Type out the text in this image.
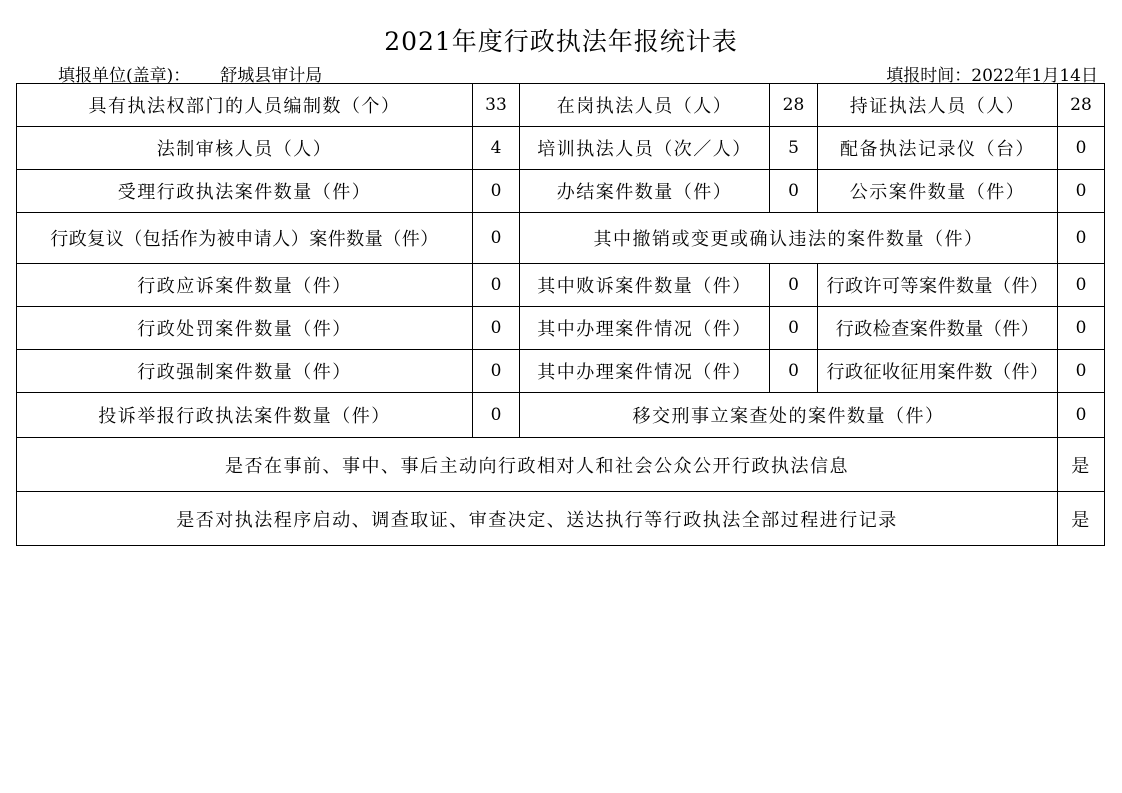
2021年度行政执法年报统计表
填报单位(盖章)： 舒城县审计局	填报时间：2022年1月14日
具有执法权部门的人员编制数（个）	33	在岗执法人员（人）	28	持证执法人员（人）	28
法制审核人员（人）	4	培训执法人员（次／人）	5	配备执法记录仪（台）	0
受理行政执法案件数量（件）	0	办结案件数量（件）	0	公示案件数量（件）	0
行政复议（包括作为被申请人）案件数量（件）	0	其中撤销或变更或确认违法的案件数量（件）			0
行政应诉案件数量（件）	0	其中败诉案件数量（件）	0	行政许可等案件数量（件）	0
行政处罚案件数量（件）	0	其中办理案件情况（件）	0	行政检查案件数量（件）	0
行政强制案件数量（件）	0	其中办理案件情况（件）	0	行政征收征用案件数（件）	0
投诉举报行政执法案件数量（件）	0	移交刑事立案查处的案件数量（件）			0
是否在事前、事中、事后主动向行政相对人和社会公众公开行政执法信息					是
是否对执法程序启动、调查取证、审查决定、送达执行等行政执法全部过程进行记录					是
